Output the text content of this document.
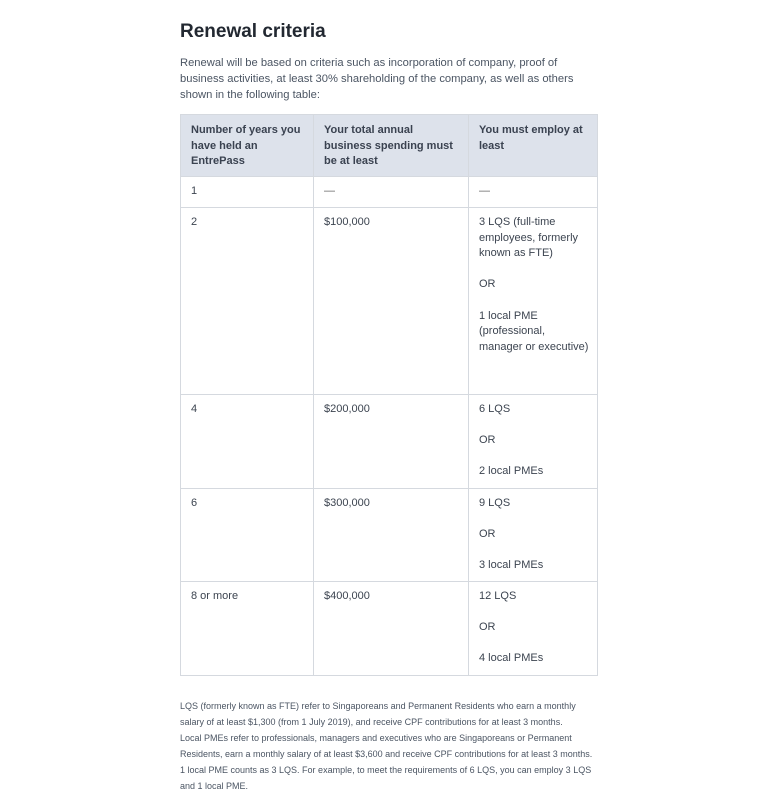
Renewal criteria

Renewal will be based on criteria such as incorporation of company, proof of business activities, at least 30% shareholding of the company, as well as others shown in the following table:

Number of years you have held an EntrePass	Your total annual business spending must be at least	You must employ at least
1	—	—
2	$100,000	3 LQS (full-time employees, formerly known as FTE)
OR
1 local PME (professional, manager or executive)

4	$200,000	6 LQS
OR
2 local PMEs

6	$300,000	9 LQS
OR
3 local PMEs

8 or more	$400,000	12 LQS
OR
4 local PMEs

LQS (formerly known as FTE) refer to Singaporeans and Permanent Residents who earn a monthly salary of at least $1,300 (from 1 July 2019), and receive CPF contributions for at least 3 months.

Local PMEs refer to professionals, managers and executives who are Singaporeans or Permanent Residents, earn a monthly salary of at least $3,600 and receive CPF contributions for at least 3 months.

1 local PME counts as 3 LQS. For example, to meet the requirements of 6 LQS, you can employ 3 LQS and 1 local PME.
